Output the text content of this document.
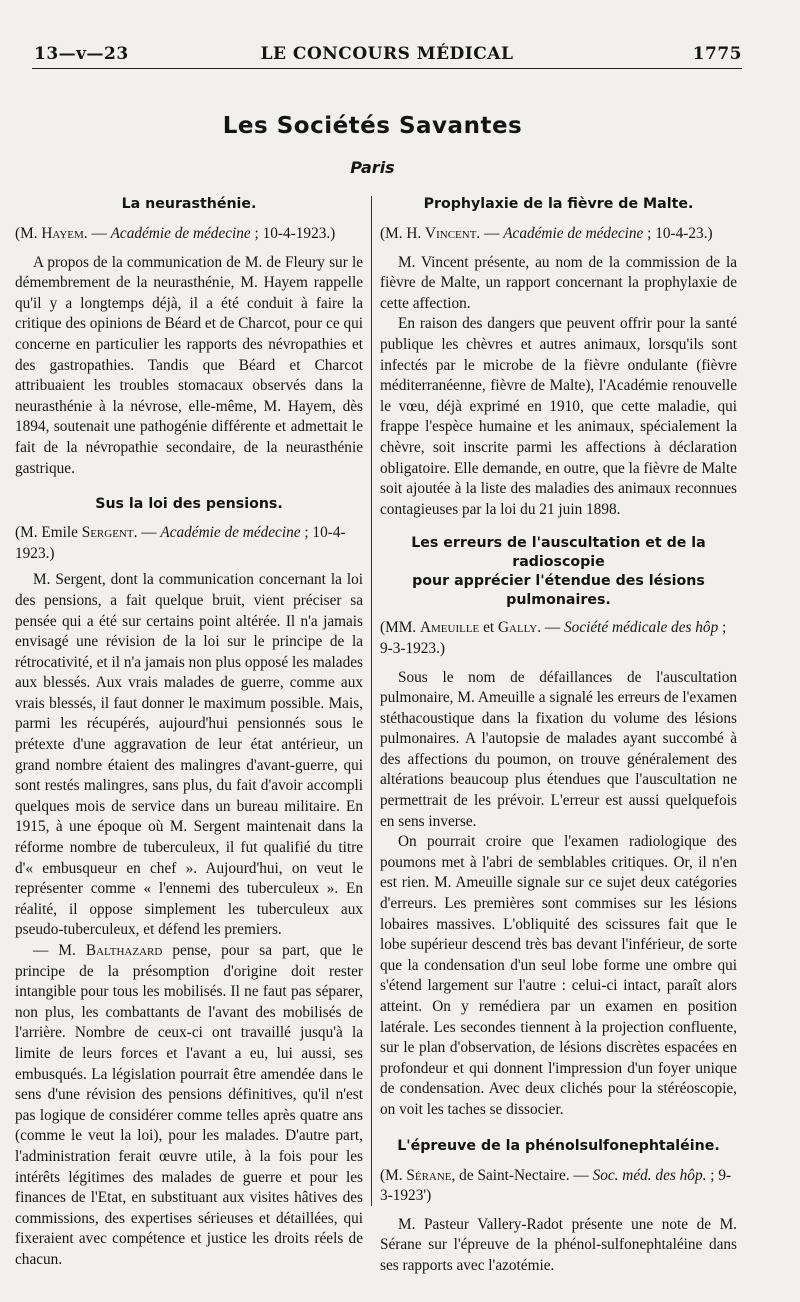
13—v—23	LE CONCOURS MÉDICAL	1775
Les Sociétés Savantes
Paris
La neurasthénie.
(M. Hayem. — Académie de médecine ; 10-4-1923.)

A propos de la communication de M. de Fleury sur le démembrement de la neurasthénie, M. Hayem rappelle qu'il y a longtemps déjà, il a été conduit à faire la critique des opinions de Béard et de Charcot, pour ce qui concerne en particulier les rapports des névropathies et des gastropathies. Tandis que Béard et Charcot attribuaient les troubles stomacaux observés dans la neurasthénie à la névrose, elle-même, M. Hayem, dès 1894, soutenait une pathogénie différente et admettait le fait de la névropathie secondaire, de la neurasthénie gastrique.

Sus la loi des pensions.
(M. Emile Sergent. — Académie de médecine ; 10-4-1923.)

M. Sergent, dont la communication concernant la loi des pensions, a fait quelque bruit, vient préciser sa pensée qui a été sur certains point altérée. Il n'a jamais envisagé une révision de la loi sur le principe de la rétrocativité, et il n'a jamais non plus opposé les malades aux blessés. Aux vrais malades de guerre, comme aux vrais blessés, il faut donner le maximum possible. Mais, parmi les récupérés, aujourd'hui pensionnés sous le prétexte d'une aggravation de leur état antérieur, un grand nombre étaient des malingres d'avant-guerre, qui sont restés malingres, sans plus, du fait d'avoir accompli quelques mois de service dans un bureau militaire. En 1915, à une époque où M. Sergent maintenait dans la réforme nombre de tuberculeux, il fut qualifié du titre d'« embusqueur en chef ». Aujourd'hui, on veut le représenter comme « l'ennemi des tuberculeux ». En réalité, il oppose simplement les tuberculeux aux pseudo-tuberculeux, et défend les premiers.

— M. Balthazard pense, pour sa part, que le principe de la présomption d'origine doit rester intangible pour tous les mobilisés. Il ne faut pas séparer, non plus, les combattants de l'avant des mobilisés de l'arrière. Nombre de ceux-ci ont travaillé jusqu'à la limite de leurs forces et l'avant a eu, lui aussi, ses embusqués. La législation pourrait être amendée dans le sens d'une révision des pensions définitives, qu'il n'est pas logique de considérer comme telles après quatre ans (comme le veut la loi), pour les malades. D'autre part, l'administration ferait œuvre utile, à la fois pour les intérêts légitimes des malades de guerre et pour les finances de l'Etat, en substituant aux visites hâtives des commissions, des expertises sérieuses et détaillées, qui fixeraient avec compétence et justice les droits réels de chacun.

Prophylaxie de la fièvre de Malte.
(M. H. Vincent. — Académie de médecine ; 10-4-23.)

M. Vincent présente, au nom de la commission de la fièvre de Malte, un rapport concernant la prophylaxie de cette affection.

En raison des dangers que peuvent offrir pour la santé publique les chèvres et autres animaux, lorsqu'ils sont infectés par le microbe de la fièvre ondulante (fièvre méditerranéenne, fièvre de Malte), l'Académie renouvelle le vœu, déjà exprimé en 1910, que cette maladie, qui frappe l'espèce humaine et les animaux, spécialement la chèvre, soit inscrite parmi les affections à déclaration obligatoire. Elle demande, en outre, que la fièvre de Malte soit ajoutée à la liste des maladies des animaux reconnues contagieuses par la loi du 21 juin 1898.

Les erreurs de l'auscultation et de la radioscopie
pour apprécier l'étendue des lésions pulmonaires.
(MM. Ameuille et Gally. — Société médicale des hôp ; 9-3-1923.)

Sous le nom de défaillances de l'auscultation pulmonaire, M. Ameuille a signalé les erreurs de l'examen stéthacoustique dans la fixation du volume des lésions pulmonaires. A l'autopsie de malades ayant succombé à des affections du poumon, on trouve généralement des altérations beaucoup plus étendues que l'auscultation ne permettrait de les prévoir. L'erreur est aussi quelquefois en sens inverse.

On pourrait croire que l'examen radiologique des poumons met à l'abri de semblables critiques. Or, il n'en est rien. M. Ameuille signale sur ce sujet deux catégories d'erreurs. Les premières sont commises sur les lésions lobaires massives. L'obliquité des scissures fait que le lobe supérieur descend très bas devant l'inférieur, de sorte que la condensation d'un seul lobe forme une ombre qui s'étend largement sur l'autre : celui-ci intact, paraît alors atteint. On y remédiera par un examen en position latérale. Les secondes tiennent à la projection confluente, sur le plan d'observation, de lésions discrètes espacées en profondeur et qui donnent l'impression d'un foyer unique de condensation. Avec deux clichés pour la stéréoscopie, on voit les taches se dissocier.

L'épreuve de la phénolsulfonephtaléine.
(M. Sérane, de Saint-Nectaire. — Soc. méd. des hôp. ; 9-3-1923')

M. Pasteur Vallery-Radot présente une note de M. Sérane sur l'épreuve de la phénol-sulfonephtaléine dans ses rapports avec l'azotémie.
